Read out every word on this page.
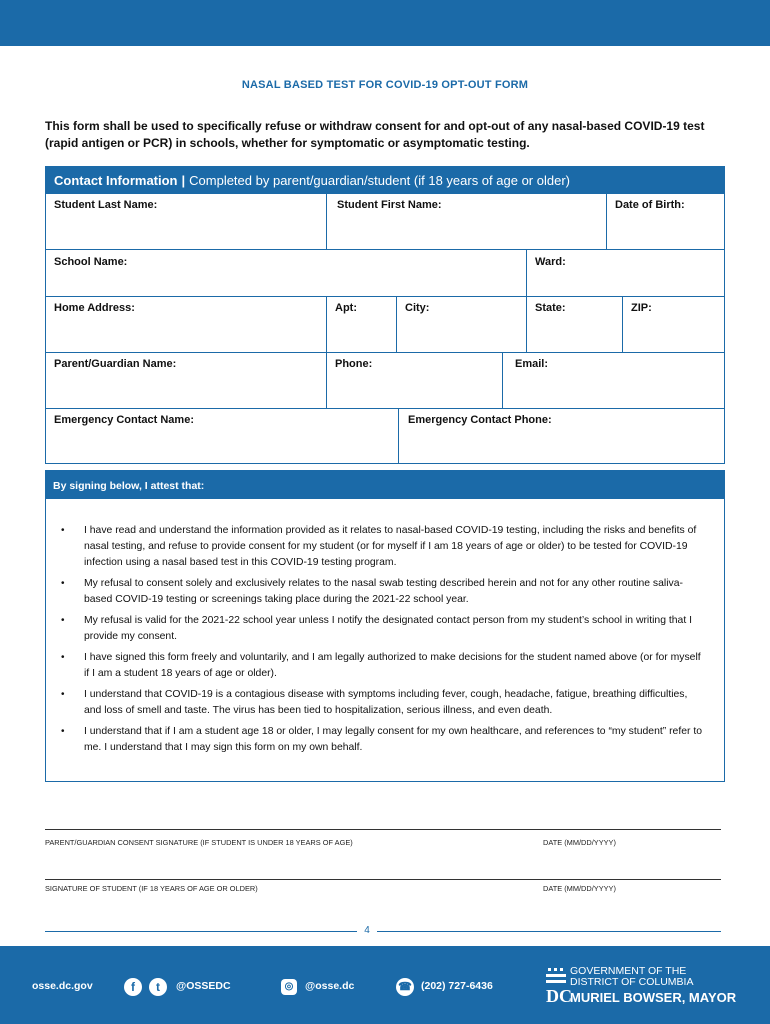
NASAL BASED TEST FOR COVID-19 OPT-OUT FORM
This form shall be used to specifically refuse or withdraw consent for and opt-out of any nasal-based COVID-19 test (rapid antigen or PCR) in schools, whether for symptomatic or asymptomatic testing.
Contact Information | Completed by parent/guardian/student (if 18 years of age or older)
Student Last Name:	Student First Name:	Date of Birth:
School Name:	Ward:
Home Address:	Apt:	City:	State:	ZIP:
Parent/Guardian Name:	Phone:	Email:
Emergency Contact Name:	Emergency Contact Phone:
By signing below, I attest that:
• I have read and understand the information provided as it relates to nasal-based COVID-19 testing, including the risks and benefits of nasal testing, and refuse to provide consent for my student (or for myself if I am 18 years of age or older) to be tested for COVID-19 infection using a nasal based test in this COVID-19 testing program.
• My refusal to consent solely and exclusively relates to the nasal swab testing described herein and not for any other routine saliva-based COVID-19 testing or screenings taking place during the 2021-22 school year.
• My refusal is valid for the 2021-22 school year unless I notify the designated contact person from my student’s school in writing that I provide my consent.
• I have signed this form freely and voluntarily, and I am legally authorized to make decisions for the student named above (or for myself if I am a student 18 years of age or older).
• I understand that COVID-19 is a contagious disease with symptoms including fever, cough, headache, fatigue, breathing difficulties, and loss of smell and taste. The virus has been tied to hospitalization, serious illness, and even death.
• I understand that if I am a student age 18 or older, I may legally consent for my own healthcare, and references to “my student” refer to me. I understand that I may sign this form on my own behalf.
PARENT/GUARDIAN CONSENT SIGNATURE (IF STUDENT IS UNDER 18 YEARS OF AGE)	DATE (MM/DD/YYYY)
SIGNATURE OF STUDENT (IF 18 YEARS OF AGE OR OLDER)	DATE (MM/DD/YYYY)
4
osse.dc.gov	f	t	@OSSEDC	◎	@osse.dc	☎ (202) 727-6436	DC
GOVERNMENT OF THE
DISTRICT OF COLUMBIA
MURIEL BOWSER, MAYOR
